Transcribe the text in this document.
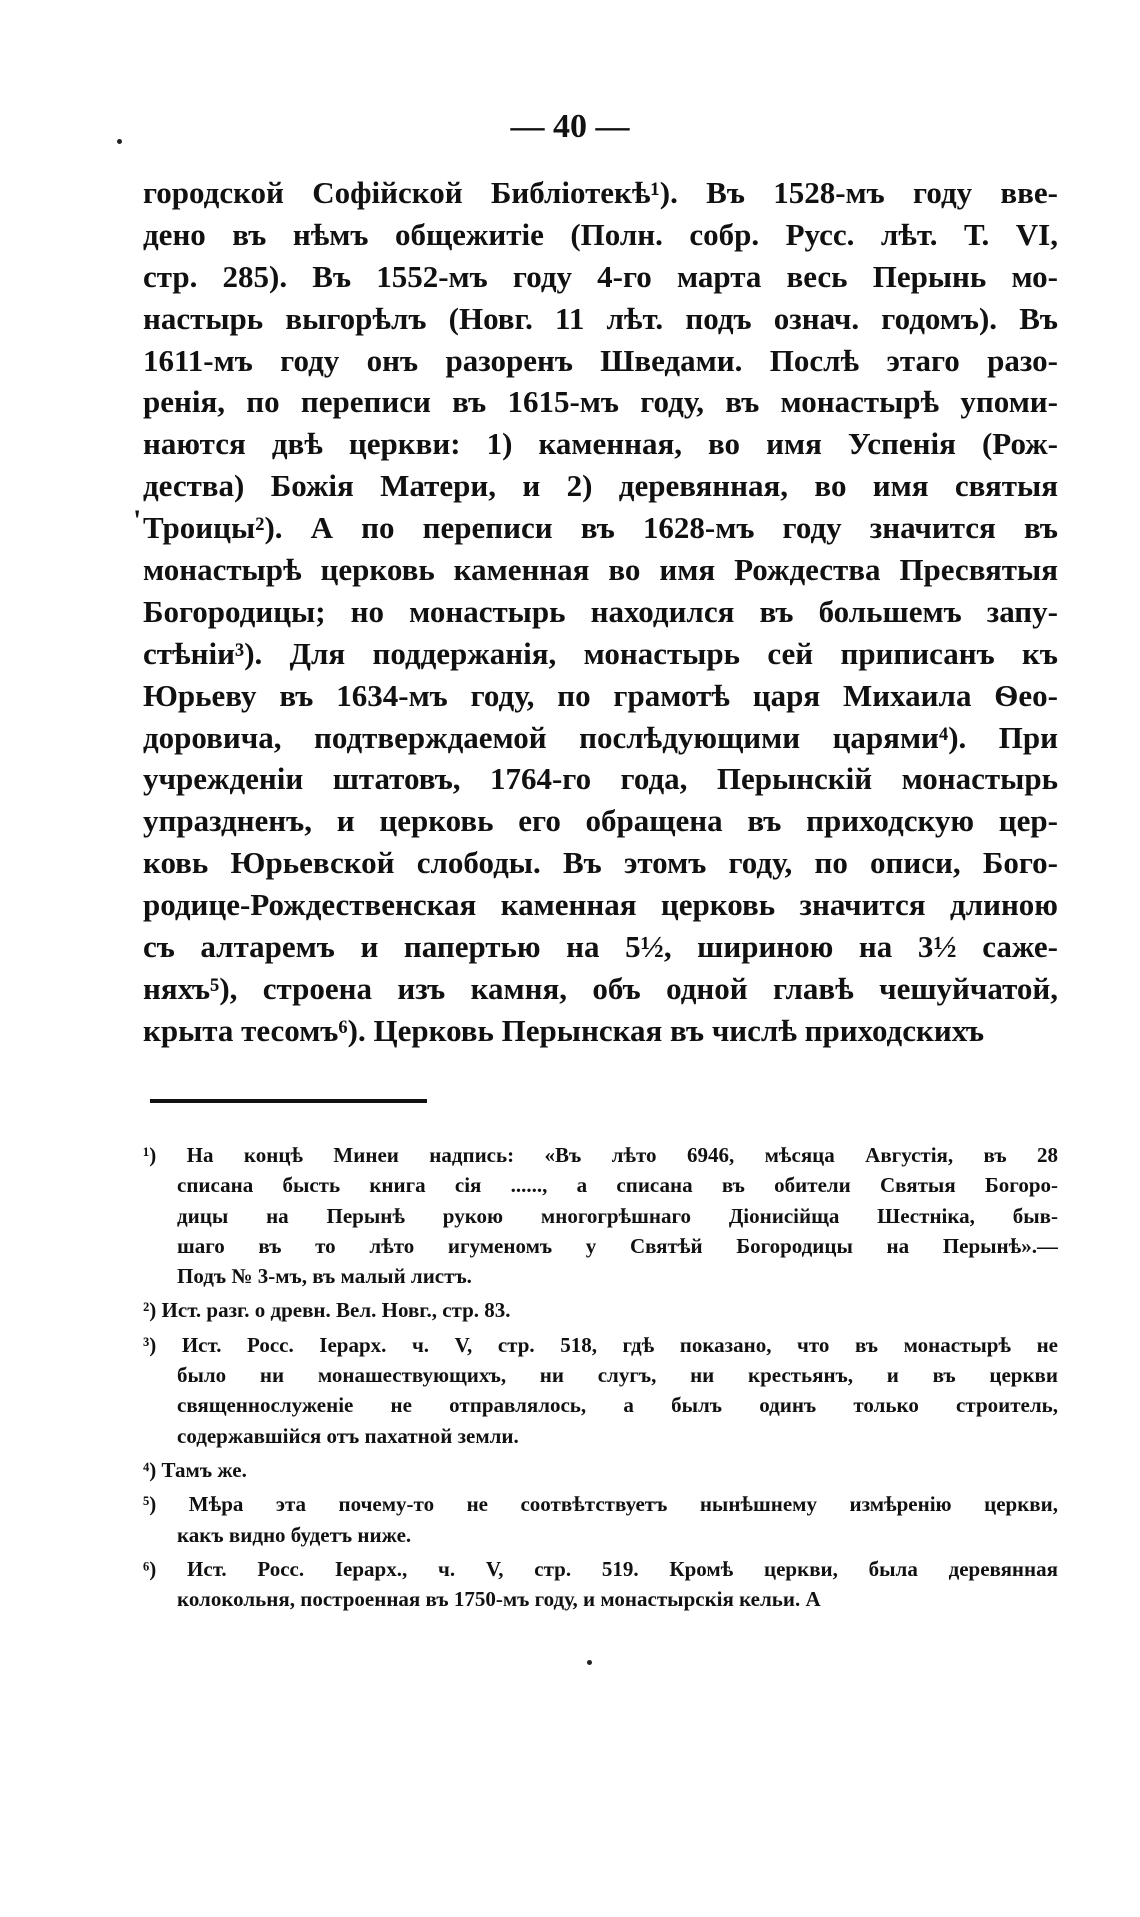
— 40 —
'
городской Софійской Библіотекѣ¹). Въ 1528-мъ году вве-
дено въ нѣмъ общежитіе (Полн. собр. Русс. лѣт. Т. VI,
стр. 285). Въ 1552-мъ году 4-го марта весь Перынь мо-
настырь выгорѣлъ (Новг. 11 лѣт. подъ означ. годомъ). Въ
1611-мъ году онъ разоренъ Шведами. Послѣ этаго разо-
ренія, по переписи въ 1615-мъ году, въ монастырѣ упоми-
наются двѣ церкви: 1) каменная, во имя Успенія (Рож-
дества) Божія Матери, и 2) деревянная, во имя святыя
Троицы²). А по переписи въ 1628-мъ году значится въ
монастырѣ церковь каменная во имя Рождества Пресвятыя
Богородицы; но монастырь находился въ большемъ запу-
стѣніи³). Для поддержанія, монастырь сей приписанъ къ
Юрьеву въ 1634-мъ году, по грамотѣ царя Михаила Ѳео-
доровича, подтверждаемой послѣдующими царями⁴). При
учрежденіи штатовъ, 1764-го года, Перынскій монастырь
упраздненъ, и церковь его обращена въ приходскую цер-
ковь Юрьевской слободы. Въ этомъ году, по описи, Бого-
родице-Рождественская каменная церковь значится длиною
съ алтаремъ и папертью на 5½, шириною на 3½ саже-
няхъ⁵), строена изъ камня, объ одной главѣ чешуйчатой,
крыта тесомъ⁶). Церковь Перынская въ числѣ приходскихъ
¹) На концѣ Минеи надпись: «Въ лѣто 6946, мѣсяца Августія, въ 28
списана бысть книга сія ......, а списана въ обители Святыя Богоро-
дицы на Перынѣ рукою многогрѣшнаго Діонисійща Шестніка, быв-
шаго въ то лѣто игуменомъ у Святѣй Богородицы на Перынѣ».—
Подъ № 3-мъ, въ малый листъ.
²) Ист. разг. о древн. Вел. Новг., стр. 83.
³) Ист. Росс. Іерарх. ч. V, стр. 518, гдѣ показано, что въ монастырѣ не
было ни монашествующихъ, ни слугъ, ни крестьянъ, и въ церкви
священнослуженіе не отправлялось, а былъ одинъ только строитель,
содержавшійся отъ пахатной земли.
⁴) Тамъ же.
⁵) Мѣра эта почему-то не соотвѣтствуетъ нынѣшнему измѣренію церкви,
какъ видно будетъ ниже.
⁶) Ист. Росс. Іерарх., ч. V, стр. 519. Кромѣ церкви, была деревянная
колокольня, построенная въ 1750-мъ году, и монастырскія кельи. А
